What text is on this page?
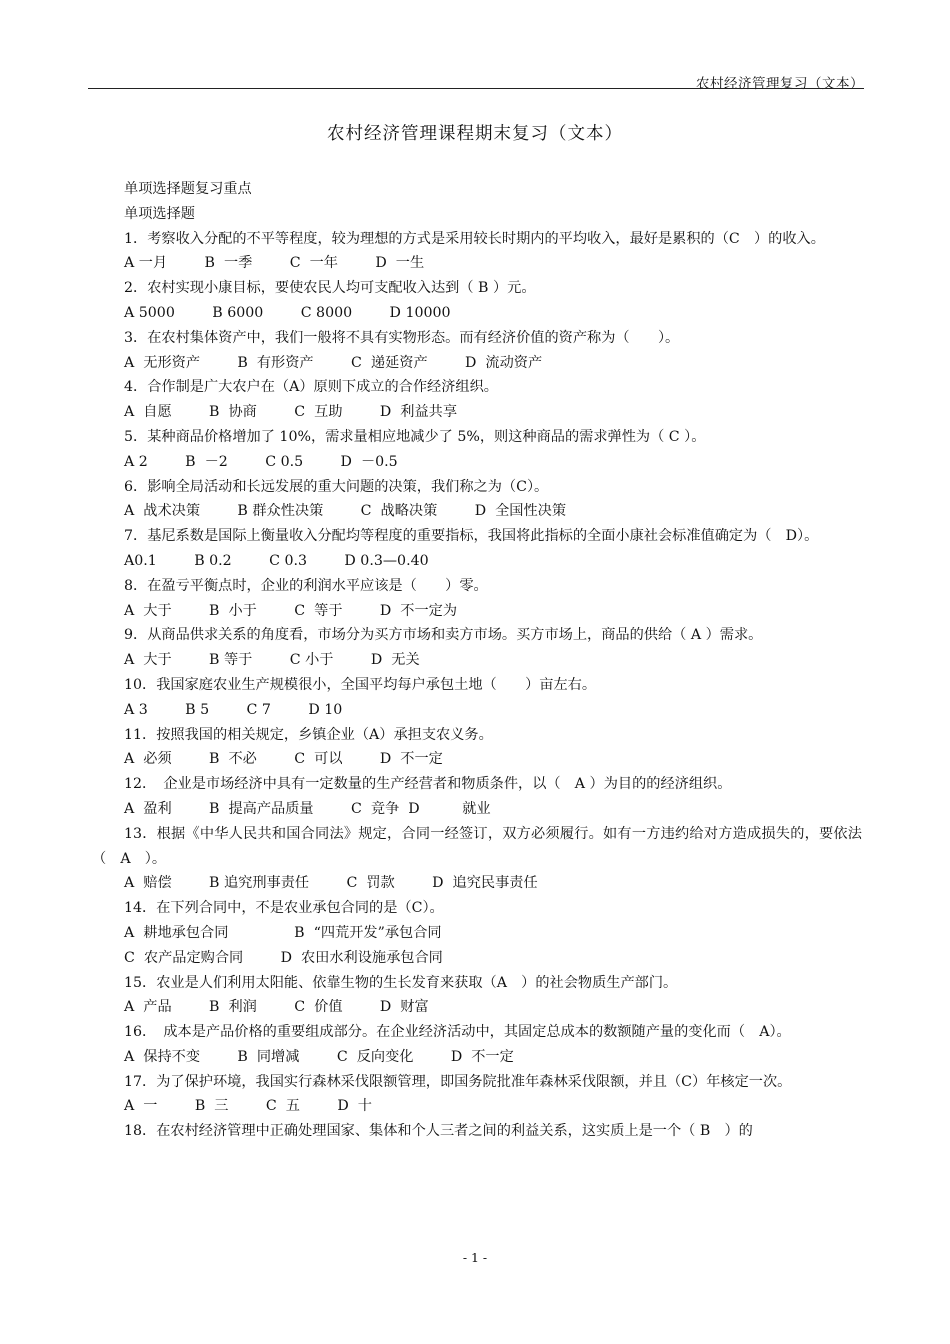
农村经济管理复习（文本）
农村经济管理课程期末复习（文本）
单项选择题复习重点
单项选择题

1．考察收入分配的不平等程度，较为理想的方式是采用较长时期内的平均收入，最好是累积的（C　）的收入。

A 一月　　  B  一季　　  C  一年　　  D  一生

2．农村实现小康目标，要使农民人均可支配收入达到（ B ）元。

A 5000　　  B 6000　　  C 8000　　  D 10000

3．在农村集体资产中，我们一般将不具有实物形态。而有经济价值的资产称为（　　）。

A  无形资产　　  B  有形资产　　  C  递延资产　　  D  流动资产

4．合作制是广大农户在（A）原则下成立的合作经济组织。

A  自愿　　  B  协商　　  C  互助　　  D  利益共享

5．某种商品价格增加了 10%，需求量相应地减少了 5%，则这种商品的需求弹性为（ C ）。

A 2　　  B  －2　　  C 0.5　　  D  －0.5

6．影响全局活动和长远发展的重大问题的决策，我们称之为（C）。

A  战术决策　　  B 群众性决策　　  C  战略决策　　  D  全国性决策

7．基尼系数是国际上衡量收入分配均等程度的重要指标，我国将此指标的全面小康社会标准值确定为（　D）。

A0.1　　  B 0.2　　  C 0.3　　  D 0.3—0.40

8．在盈亏平衡点时，企业的利润水平应该是（　　）零。

A  大于　　  B  小于　　  C  等于　　  D  不一定为

9．从商品供求关系的角度看，市场分为买方市场和卖方市场。买方市场上，商品的供给（ A ）需求。

A  大于　　  B 等于　　  C 小于　　  D  无关

10．我国家庭农业生产规模很小，全国平均每户承包土地（　　）亩左右。

A 3　　  B 5　　  C 7　　  D 10

11．按照我国的相关规定，乡镇企业（A）承担支农义务。

A  必须　　  B  不必　　  C  可以　　  D  不一定

12．　企业是市场经济中具有一定数量的生产经营者和物质条件，以（　A ）为目的的经济组织。

A  盈利　　  B  提高产品质量　　  C  竞争  D　　　就业

13．根据《中华人民共和国合同法》规定，合同一经签订，双方必须履行。如有一方违约给对方造成损失的，要依法（　A　）。

A  赔偿　　  B 追究刑事责任　　  C  罚款　　  D  追究民事责任

14．在下列合同中，不是农业承包合同的是（C）。

A  耕地承包合同　　　　  B  “四荒开发”承包合同
C  农产品定购合同　　  D  农田水利设施承包合同

15．农业是人们利用太阳能、依靠生物的生长发育来获取（A　）的社会物质生产部门。

A  产品　　  B  利润　　  C  价值　　  D  财富

16．　成本是产品价格的重要组成部分。在企业经济活动中，其固定总成本的数额随产量的变化而（　A）。

A  保持不变　　  B  同增减　　  C  反向变化　　  D  不一定

17．为了保护环境，我国实行森林采伐限额管理，即国务院批准年森林采伐限额，并且（C）年核定一次。

A  一　　  B  三　　  C  五　　  D  十

18．在农村经济管理中正确处理国家、集体和个人三者之间的利益关系，这实质上是一个（ B　）的

- 1 -
